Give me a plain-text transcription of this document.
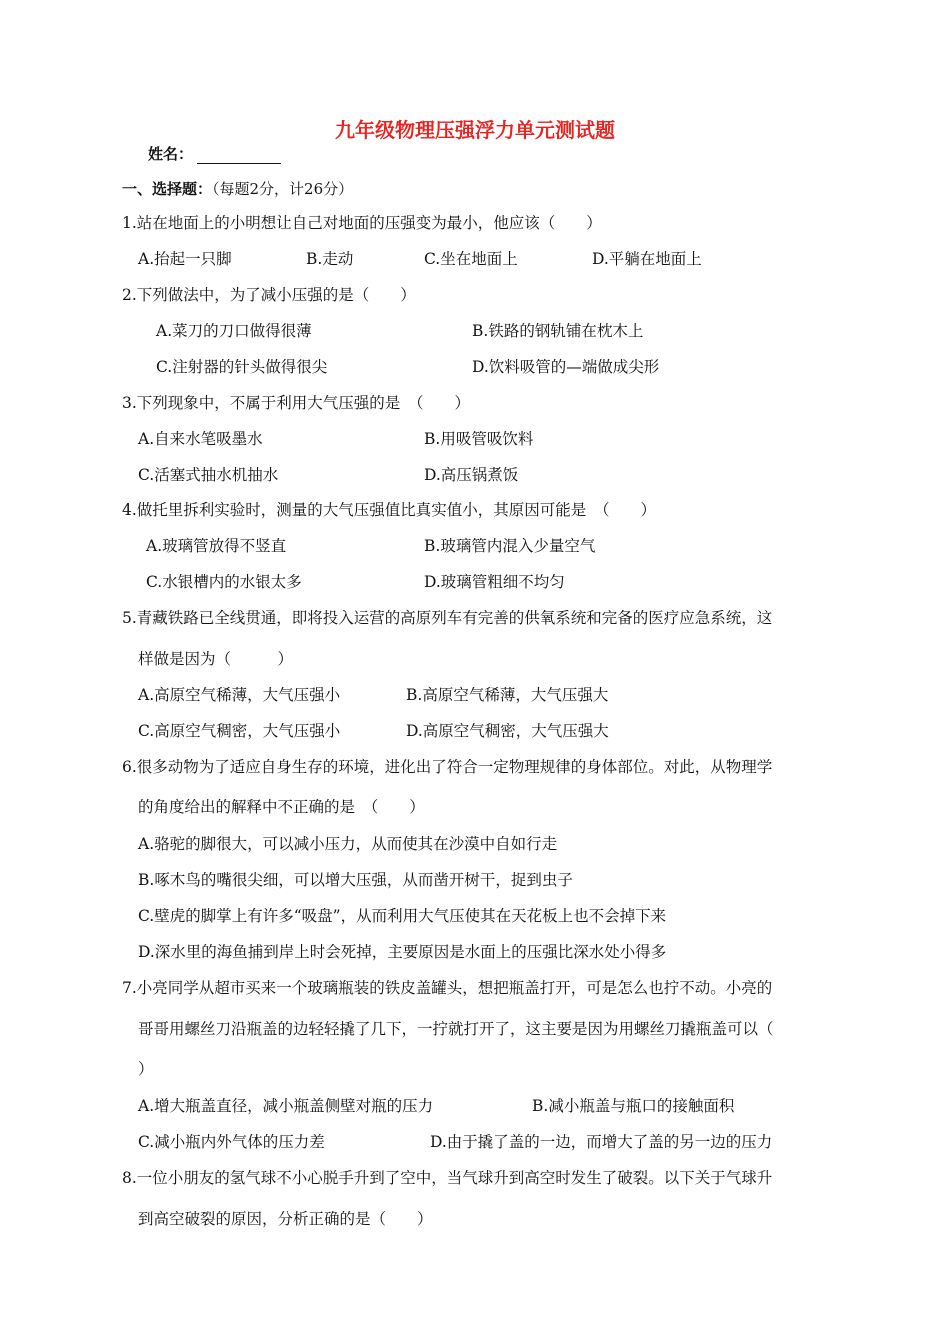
九年级物理压强浮力单元测试题
姓名：
一、选择题：（每题2分，计26分）
1.站在地面上的小明想让自己对地面的压强变为最小，他应该（　　）
A.抬起一只脚	B.走动	C.坐在地面上	D.平躺在地面上
2.下列做法中，为了减小压强的是（　　）
A.菜刀的刀口做得很薄	B.铁路的钢轨铺在枕木上
C.注射器的针头做得很尖	D.饮料吸管的—端做成尖形
3.下列现象中，不属于利用大气压强的是　（　　）
A.自来水笔吸墨水	B.用吸管吸饮料
C.活塞式抽水机抽水	D.高压锅煮饭
4.做托里拆利实验时，测量的大气压强值比真实值小，其原因可能是　（　　）
A.玻璃管放得不竖直	B.玻璃管内混入少量空气
C.水银槽内的水银太多	D.玻璃管粗细不均匀
5.青藏铁路已全线贯通，即将投入运营的高原列车有完善的供氧系统和完备的医疗应急系统，这
样做是因为（　　　）
A.高原空气稀薄，大气压强小	B.高原空气稀薄，大气压强大
C.高原空气稠密，大气压强小	D.高原空气稠密，大气压强大
6.很多动物为了适应自身生存的环境，进化出了符合一定物理规律的身体部位。对此，从物理学
的角度给出的解释中不正确的是　（　　）
A.骆驼的脚很大，可以减小压力，从而使其在沙漠中自如行走
B.啄木鸟的嘴很尖细，可以增大压强，从而凿开树干，捉到虫子
C.壁虎的脚掌上有许多“吸盘”，从而利用大气压使其在天花板上也不会掉下来
D.深水里的海鱼捕到岸上时会死掉，主要原因是水面上的压强比深水处小得多
7.小亮同学从超市买来一个玻璃瓶装的铁皮盖罐头，想把瓶盖打开，可是怎么也拧不动。小亮的
哥哥用螺丝刀沿瓶盖的边轻轻撬了几下，一拧就打开了，这主要是因为用螺丝刀撬瓶盖可以（
）
A.增大瓶盖直径，减小瓶盖侧壁对瓶的压力	B.减小瓶盖与瓶口的接触面积
C.减小瓶内外气体的压力差	D.由于撬了盖的一边，而增大了盖的另一边的压力
8.一位小朋友的氢气球不小心脱手升到了空中，当气球升到高空时发生了破裂。以下关于气球升
到高空破裂的原因，分析正确的是（　　）
